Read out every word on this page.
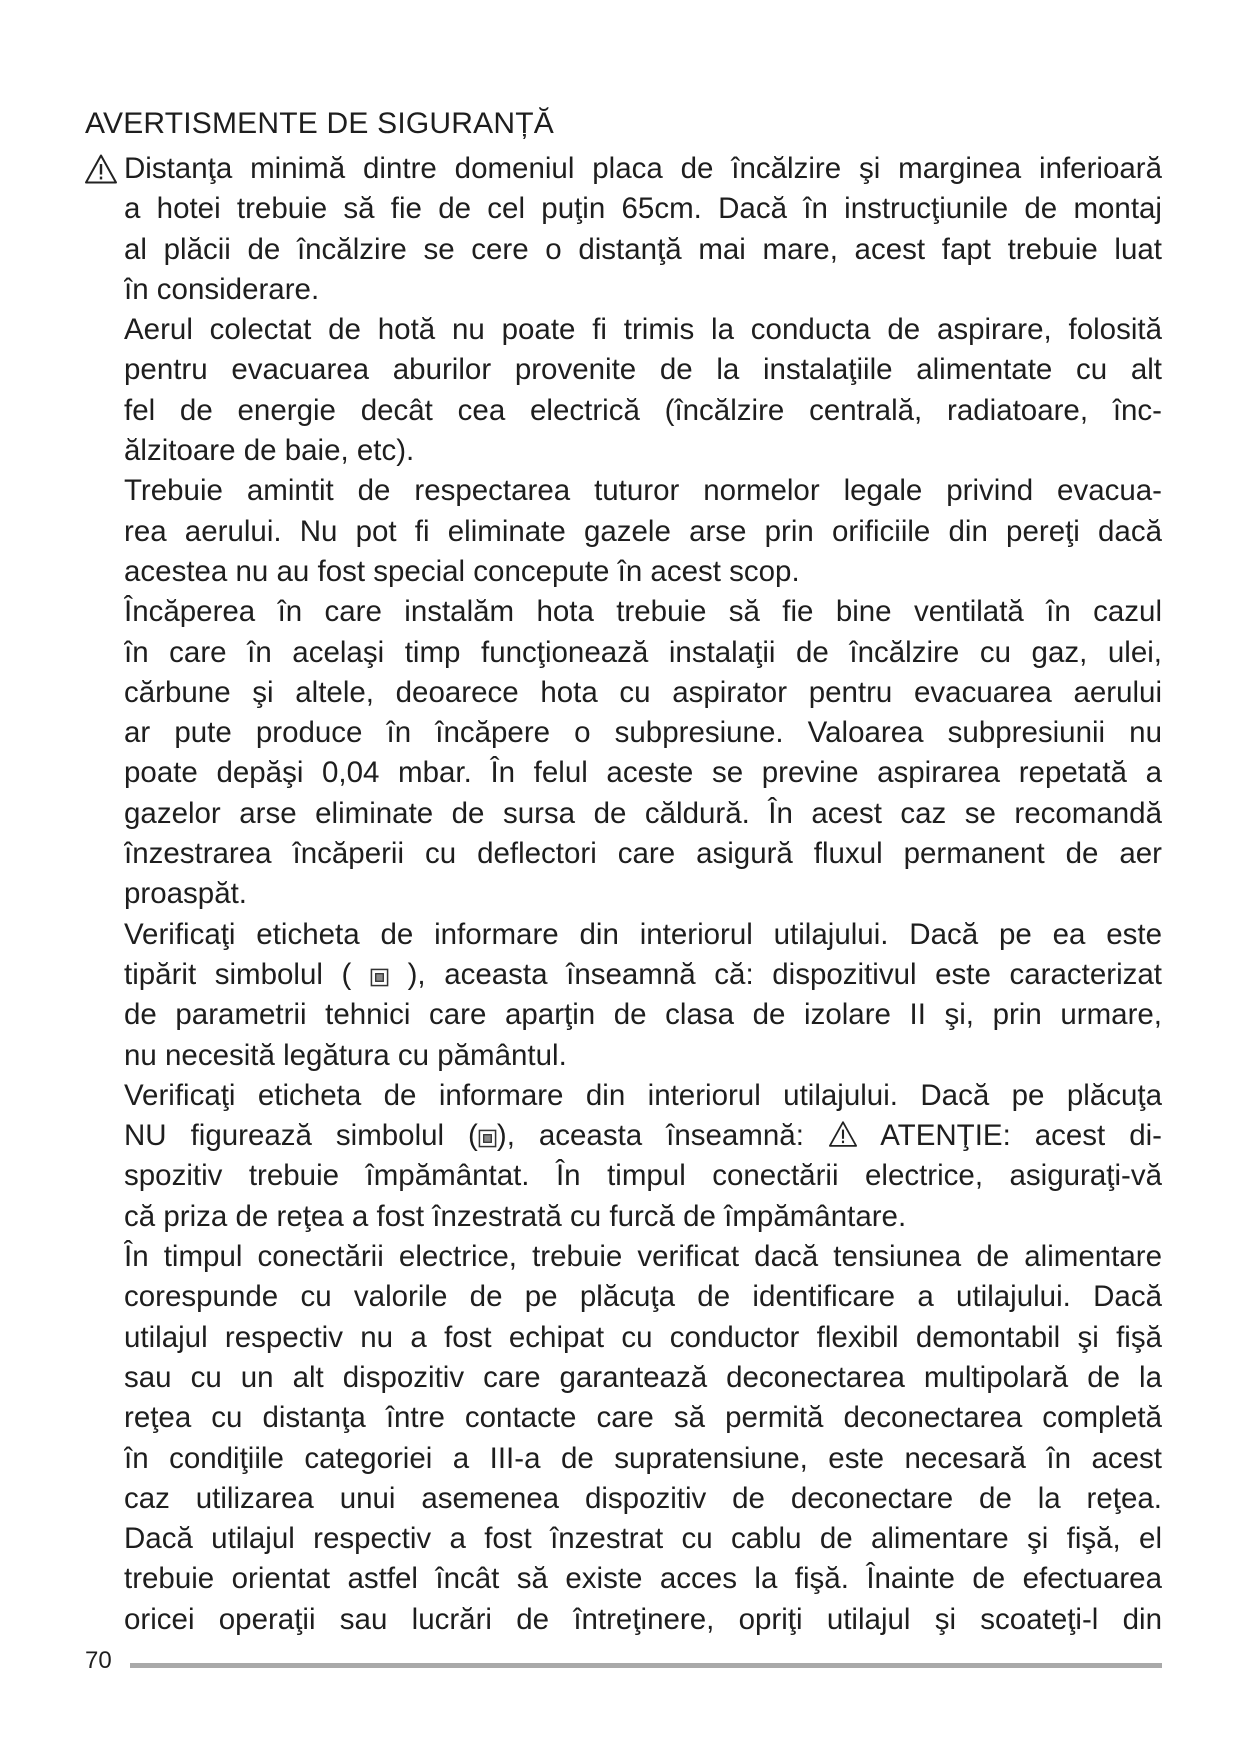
AVERTISMENTE DE SIGURANȚĂ
Distanţa minimă dintre domeniul placa de încălzire şi marginea inferioară
a hotei trebuie să fie de cel puţin 65cm. Dacă în instrucţiunile de montaj
al plăcii de încălzire se cere o distanţă mai mare, acest fapt trebuie luat
în considerare.
Aerul colectat de hotă nu poate fi trimis la conducta de aspirare, folosită
pentru evacuarea aburilor provenite de la instalaţiile alimentate cu alt
fel de energie decât cea electrică (încălzire centrală, radiatoare, înc-
ălzitoare de baie, etc).
Trebuie amintit de respectarea tuturor normelor legale privind evacua-
rea aerului. Nu pot fi eliminate gazele arse prin orificiile din pereţi dacă
acestea nu au fost special concepute în acest scop.
Încăperea în care instalăm hota trebuie să fie bine ventilată în cazul
în care în acelaşi timp funcţionează instalaţii de încălzire cu gaz, ulei,
cărbune şi altele, deoarece hota cu aspirator pentru evacuarea aerului
ar pute produce în încăpere o subpresiune. Valoarea subpresiunii nu
poate depăşi 0,04 mbar. În felul aceste se previne aspirarea repetată a
gazelor arse eliminate de sursa de căldură. În acest caz se recomandă
înzestrarea încăperii cu deflectori care asigură fluxul permanent de aer
proaspăt.
Verificaţi eticheta de informare din interiorul utilajului. Dacă pe ea este
tipărit simbolul (  ), aceasta înseamnă că: dispozitivul este caracterizat
de parametrii tehnici care aparţin de clasa de izolare II şi, prin urmare,
nu necesită legătura cu pământul.
Verificaţi eticheta de informare din interiorul utilajului. Dacă pe plăcuţa
NU figurează simbolul ( ), aceasta înseamnă:  ATENŢIE: acest di-
spozitiv trebuie împământat. În timpul conectării electrice, asiguraţi-vă
că priza de reţea a fost înzestrată cu furcă de împământare.
În timpul conectării electrice, trebuie verificat dacă tensiunea de alimentare
corespunde cu valorile de pe plăcuţa de identificare a utilajului. Dacă
utilajul respectiv nu a fost echipat cu conductor flexibil demontabil şi fişă
sau cu un alt dispozitiv care garantează deconectarea multipolară de la
reţea cu distanţa între contacte care să permită deconectarea completă
în condiţiile categoriei a III-a de supratensiune, este necesară în acest
caz utilizarea unui asemenea dispozitiv de deconectare de la reţea.
Dacă utilajul respectiv a fost înzestrat cu cablu de alimentare şi fişă, el
trebuie orientat astfel încât să existe acces la fişă. Înainte de efectuarea
oricei operaţii sau lucrări de întreţinere, opriţi utilajul şi scoateţi-l din
70
